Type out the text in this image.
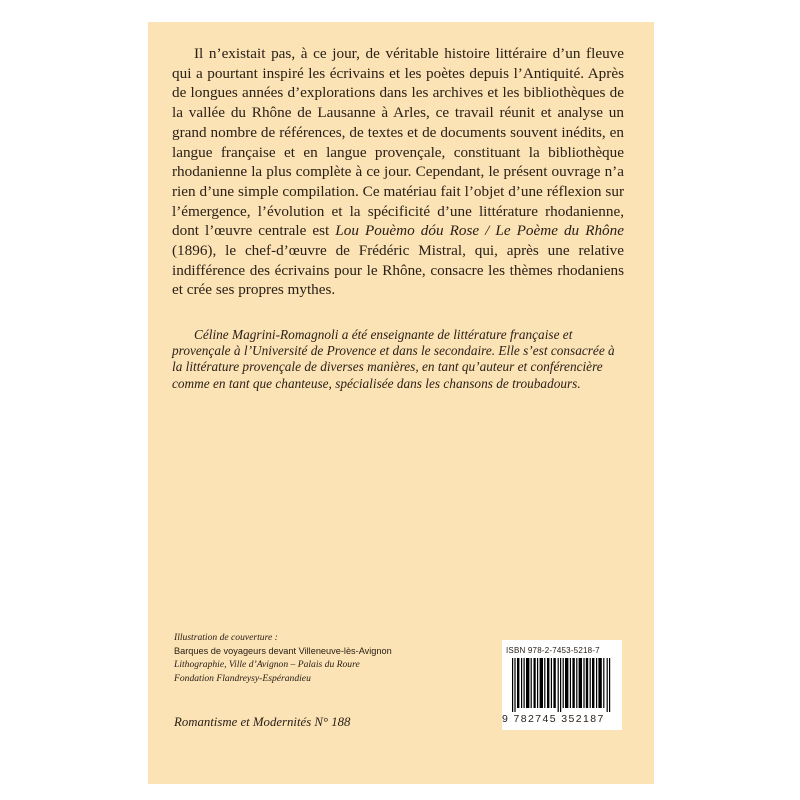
Il n’existait pas, à ce jour, de véritable histoire littéraire d’un fleuve qui a pourtant inspiré les écrivains et les poètes depuis l’Antiquité. Après de longues années d’explorations dans les archives et les bibliothèques de la vallée du Rhône de Lausanne à Arles, ce travail réunit et analyse un grand nombre de références, de textes et de documents souvent inédits, en langue française et en langue provençale, constituant la bibliothèque rhodanienne la plus complète à ce jour. Cependant, le présent ouvrage n’a rien d’une simple compilation. Ce matériau fait l’objet d’une réflexion sur l’émergence, l’évolution et la spécificité d’une littérature rhodanienne, dont l’œuvre centrale est Lou Pouèmo dóu Rose / Le Poème du Rhône (1896), le chef-d’œuvre de Frédéric Mistral, qui, après une relative indifférence des écrivains pour le Rhône, consacre les thèmes rhodaniens et crée ses propres mythes.

Céline Magrini-Romagnoli a été enseignante de littérature française et provençale à l’Université de Provence et dans le secondaire. Elle s’est consacrée à la littérature provençale de diverses manières, en tant qu’auteur et conférencière comme en tant que chanteuse, spécialisée dans les chansons de troubadours.

Illustration de couverture :
Barques de voyageurs devant Villeneuve-lès-Avignon
Lithographie, Ville d’Avignon – Palais du Roure
Fondation Flandreysy-Espérandieu

Romantisme et Modernités N° 188

ISBN 978-2-7453-5218-7
9 782745 352187
